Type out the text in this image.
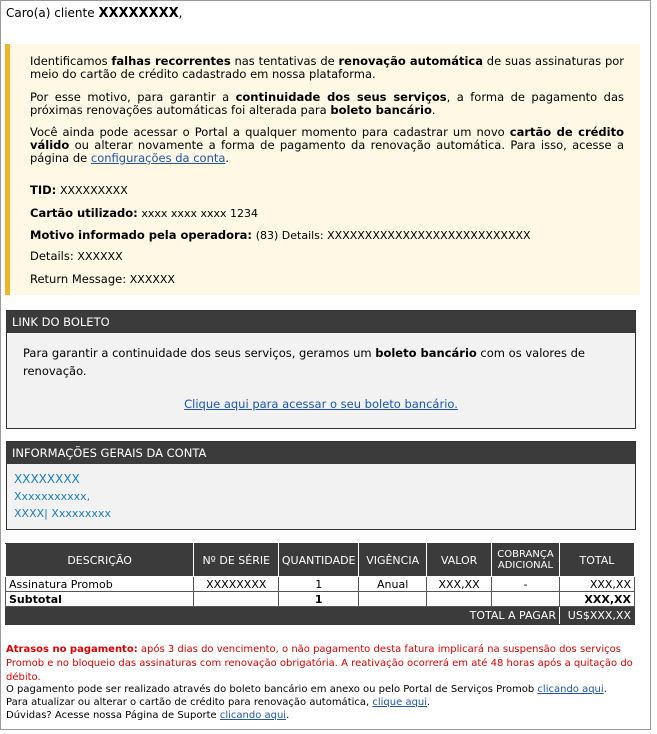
Caro(a) cliente XXXXXXXX,

Identificamos falhas recorrentes nas tentativas de renovação automática de suas assinaturas por meio do cartão de crédito cadastrado em nossa plataforma.

Por esse motivo, para garantir a continuidade dos seus serviços, a forma de pagamento das próximas renovações automáticas foi alterada para boleto bancário.

Você ainda pode acessar o Portal a qualquer momento para cadastrar um novo cartão de crédito válido ou alterar novamente a forma de pagamento da renovação automática. Para isso, acesse a página de configurações da conta.

TID: XXXXXXXXX
Cartão utilizado: xxxx xxxx xxxx 1234
Motivo informado pela operadora: (83) Details: XXXXXXXXXXXXXXXXXXXXXXXXXXX
Details: XXXXXX
Return Message: XXXXXX
LINK DO BOLETO
Para garantir a continuidade dos seus serviços, geramos um boleto bancário com os valores de renovação.
Clique aqui para acessar o seu boleto bancário.
INFORMAÇÕES GERAIS DA CONTA
XXXXXXXX
Xxxxxxxxxxx,
XXXX| Xxxxxxxxx
DESCRIÇÃO	Nº DE SÉRIE	QUANTIDADE	VIGÊNCIA	VALOR	COBRANÇA ADICIONAL	TOTAL
Assinatura Promob	XXXXXXXX	1	Anual	XXX,XX	-	XXX,XX
Subtotal		1				XXX,XX
TOTAL A PAGAR						US$XXX,XX
Atrasos no pagamento: após 3 dias do vencimento, o não pagamento desta fatura implicará na suspensão dos serviços Promob e no bloqueio das assinaturas com renovação obrigatória. A reativação ocorrerá em até 48 horas após a quitação do débito.
O pagamento pode ser realizado através do boleto bancário em anexo ou pelo Portal de Serviços Promob clicando aqui.
Para atualizar ou alterar o cartão de crédito para renovação automática, clique aqui.
Dúvidas? Acesse nossa Página de Suporte clicando aqui.
